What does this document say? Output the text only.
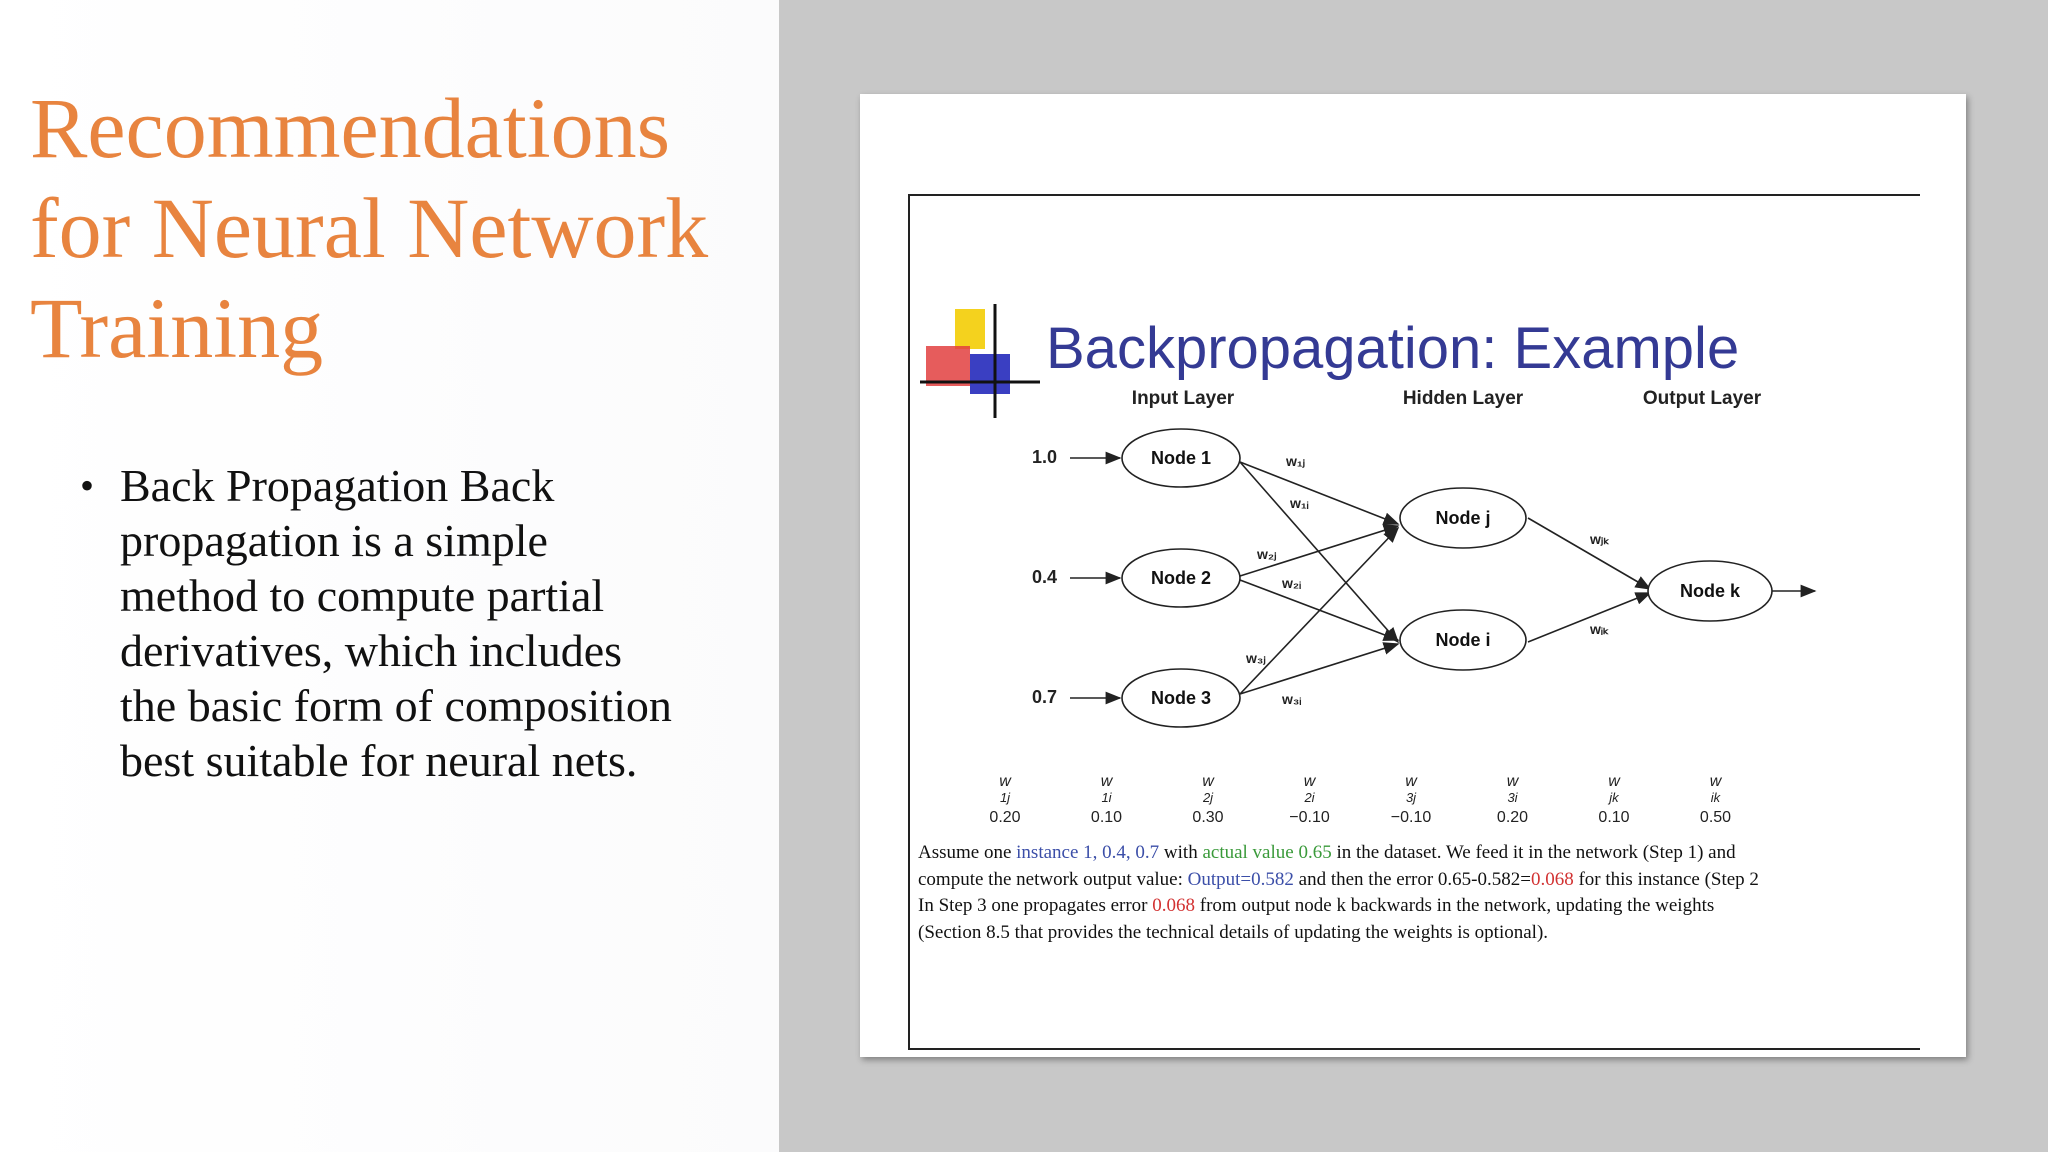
Recommendations for Neural Network Training
• Back Propagation Back propagation is a simple method to compute partial derivatives, which includes the basic form of composition best suitable for neural nets.
Backpropagation: Example
Input Layer	Hidden Layer	Output Layer
1.0
0.4
0.7
Node 1
Node 2
Node 3
Node j
Node i
Node k
w₁ⱼ
w₁ᵢ
w₂ⱼ
w₂ᵢ
w₃ⱼ
w₃ᵢ
wⱼₖ
wᵢₖ
w
1j
0.20
w
1i
0.10
w
2j
0.30
w
2i
−0.10
w
3j
−0.10
w
3i
0.20
w
jk
0.10
w
ik
0.50
Assume one instance 1, 0.4, 0.7 with actual value 0.65 in the dataset. We feed it in the network (Step 1) and
compute the network output value: Output=0.582 and then the error 0.65-0.582=0.068 for this instance (Step 2
In Step 3 one propagates error 0.068 from output node k backwards in the network, updating the weights
(Section 8.5 that provides the technical details of updating the weights is optional).
